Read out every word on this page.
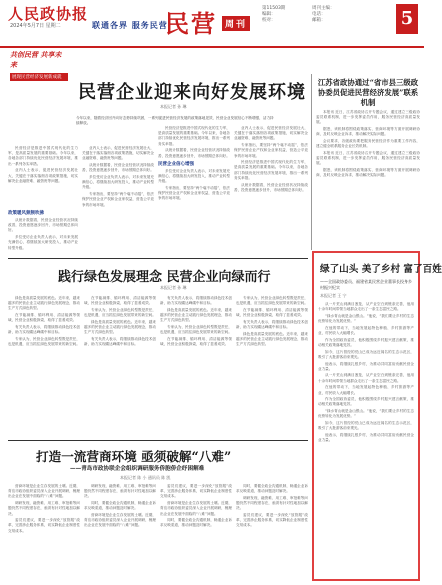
人民政协报
2024年5月7日 星期二	联通各界 服务民营
民营 周刊
第11503期
编辑：
校对：
周刊主编：
电话：
邮箱：	5
共创民营 共享未来
展现民营经济发展新成就
民营企业迎来向好发展环境
本报记者 孙 琳
今年以来，随着经济回升向好态势持续巩固，一系列促进民营经济发展的政策落地见效，民营企业发展信心不断增强，活力持续释放。

民营经济是推进中国式现代化的生力军，是高质量发展的重要基础。今年以来，各地各部门持续优化民营经济发展环境，推出一系列务实举措。

业内人士表示，促进民营经济发展壮大，关键在于落实落细各项政策措施，切实解决企业融资难、融资贵等问题。

政策暖风频频吹拂

从统计数据看，民营企业经营状况持续改善，投资意愿逐步回升，市场预期总体向好。

多位受访企业负责人表示，对未来发展充满信心，将继续加大研发投入，推动产业转型升级。

业内人士表示，促进民营经济发展壮大，关键在于落实落细各项政策措施，切实解决企业融资难、融资贵等问题。

从统计数据看，民营企业经营状况持续改善，投资意愿逐步回升，市场预期总体向好。

多位受访企业负责人表示，对未来发展充满信心，将继续加大研发投入，推动产业转型升级。

专家指出，要坚持“两个毫不动摇”，依法保护民营企业产权和企业家权益，营造公平竞争的市场环境。

民营经济是推进中国式现代化的生力军，是高质量发展的重要基础。今年以来，各地各部门持续优化民营经济发展环境，推出一系列务实举措。

从统计数据看，民营企业经营状况持续改善，投资意愿逐步回升，市场预期总体向好。

民营企业信心增强

多位受访企业负责人表示，对未来发展充满信心，将继续加大研发投入，推动产业转型升级。

专家指出，要坚持“两个毫不动摇”，依法保护民营企业产权和企业家权益，营造公平竞争的市场环境。

业内人士表示，促进民营经济发展壮大，关键在于落实落细各项政策措施，切实解决企业融资难、融资贵等问题。

专家指出，要坚持“两个毫不动摇”，依法保护民营企业产权和企业家权益，营造公平竞争的市场环境。

民营经济是推进中国式现代化的生力军，是高质量发展的重要基础。今年以来，各地各部门持续优化民营经济发展环境，推出一系列务实举措。

从统计数据看，民营企业经营状况持续改善，投资意愿逐步回升，市场预期总体向好。

江苏省政协通过“省市县三级政协委员促进民营经济发展”联系机制

本报讯 近日，江苏省政协召开专题会议，通过建立三级政协委员联系机制，进一步发挥委员作用，服务民营经济高质量发展。

据悉，该机制将围绕政策落实、营商环境等方面开展调研协商，及时反映企业诉求，推动解决实际问题。

会议要求，各级政协要把服务民营经济作为重要工作内容，建立健全联系服务企业长效机制。

本报讯 近日，江苏省政协召开专题会议，通过建立三级政协委员联系机制，进一步发挥委员作用，服务民营经济高质量发展。

据悉，该机制将围绕政策落实、营商环境等方面开展调研协商，及时反映企业诉求，推动解决实际问题。

践行绿色发展理念 民营企业向绿而行
本报记者 孙 琳

绿色是高质量发展的底色。近年来，越来越多的民营企业主动践行绿色发展理念，推动生产方式绿色转型。

在节能减排、循环利用、清洁能源等领域，民营企业积极探索，取得了显著成效。

有关负责人表示，将继续推动绿色技术创新，助力实现碳达峰碳中和目标。

专家认为，民营企业绿色转型既是责任，也是机遇，应当抓住绿色发展带来的新空间。

在节能减排、循环利用、清洁能源等领域，民营企业积极探索，取得了显著成效。

专家认为，民营企业绿色转型既是责任，也是机遇，应当抓住绿色发展带来的新空间。

绿色是高质量发展的底色。近年来，越来越多的民营企业主动践行绿色发展理念，推动生产方式绿色转型。

有关负责人表示，将继续推动绿色技术创新，助力实现碳达峰碳中和目标。

有关负责人表示，将继续推动绿色技术创新，助力实现碳达峰碳中和目标。

绿色是高质量发展的底色。近年来，越来越多的民营企业主动践行绿色发展理念，推动生产方式绿色转型。

专家认为，民营企业绿色转型既是责任，也是机遇，应当抓住绿色发展带来的新空间。

在节能减排、循环利用、清洁能源等领域，民营企业积极探索，取得了显著成效。

专家认为，民营企业绿色转型既是责任，也是机遇，应当抓住绿色发展带来的新空间。

在节能减排、循环利用、清洁能源等领域，民营企业积极探索，取得了显著成效。

有关负责人表示，将继续推动绿色技术创新，助力实现碳达峰碳中和目标。

绿色是高质量发展的底色。近年来，越来越多的民营企业主动践行绿色发展理念，推动生产方式绿色转型。

绿了山头 美了乡村 富了百姓
——全国政协委员、福建省某民营企业董事长投身乡村振兴纪实
本报记者 王 宁

从一片荒山到满目葱茏，从产业空白到链条完善，他用十余年时间带领当地群众走出了一条生态富民之路。

“绿水青山就是金山银山。”他说，“我们要让乡村的生态优势转化为发展优势。”

在他的带动下，当地发展起特色种植、乡村旅游等产业，村民收入大幅增长。

作为全国政协委员，他积极围绕乡村振兴建言献策，推动相关政策落地见效。

如今，这片曾经的荒山已成为远近闻名的生态示范区，吸引了大批游客前来观光。

他表示，将继续扎根乡村，为推动共同富裕贡献民营企业力量。

从一片荒山到满目葱茏，从产业空白到链条完善，他用十余年时间带领当地群众走出了一条生态富民之路。

在他的带动下，当地发展起特色种植、乡村旅游等产业，村民收入大幅增长。

作为全国政协委员，他积极围绕乡村振兴建言献策，推动相关政策落地见效。

“绿水青山就是金山银山。”他说，“我们要让乡村的生态优势转化为发展优势。”

如今，这片曾经的荒山已成为远近闻名的生态示范区，吸引了大批游客前来观光。

他表示，将继续扎根乡村，为推动共同富裕贡献民营企业力量。

打造一流营商环境 亟须破解“八难”
——青岛市政协联企会组织调研服务侨胞侨企纾困解难
本报记者 陈 小 通讯员 陈 凯

营商环境是企业生存发展的土壤。近期，青岛市政协组织委员深入企业开展调研，梳理出企业在发展中面临的“八难”问题。

调研发现，融资难、用工难、审批难等问题仍然不同程度存在，亟须有针对性地加以解决。

委员们建议，要进一步深化“放管服”改革，完善涉企服务体系，切实降低企业制度性交易成本。

调研发现，融资难、用工难、审批难等问题仍然不同程度存在，亟须有针对性地加以解决。

同时，要健全政企沟通机制，畅通企业诉求反映渠道，推动问题及时解决。

营商环境是企业生存发展的土壤。近期，青岛市政协组织委员深入企业开展调研，梳理出企业在发展中面临的“八难”问题。

委员们建议，要进一步深化“放管服”改革，完善涉企服务体系，切实降低企业制度性交易成本。

营商环境是企业生存发展的土壤。近期，青岛市政协组织委员深入企业开展调研，梳理出企业在发展中面临的“八难”问题。

同时，要健全政企沟通机制，畅通企业诉求反映渠道，推动问题及时解决。

同时，要健全政企沟通机制，畅通企业诉求反映渠道，推动问题及时解决。

调研发现，融资难、用工难、审批难等问题仍然不同程度存在，亟须有针对性地加以解决。

委员们建议，要进一步深化“放管服”改革，完善涉企服务体系，切实降低企业制度性交易成本。
